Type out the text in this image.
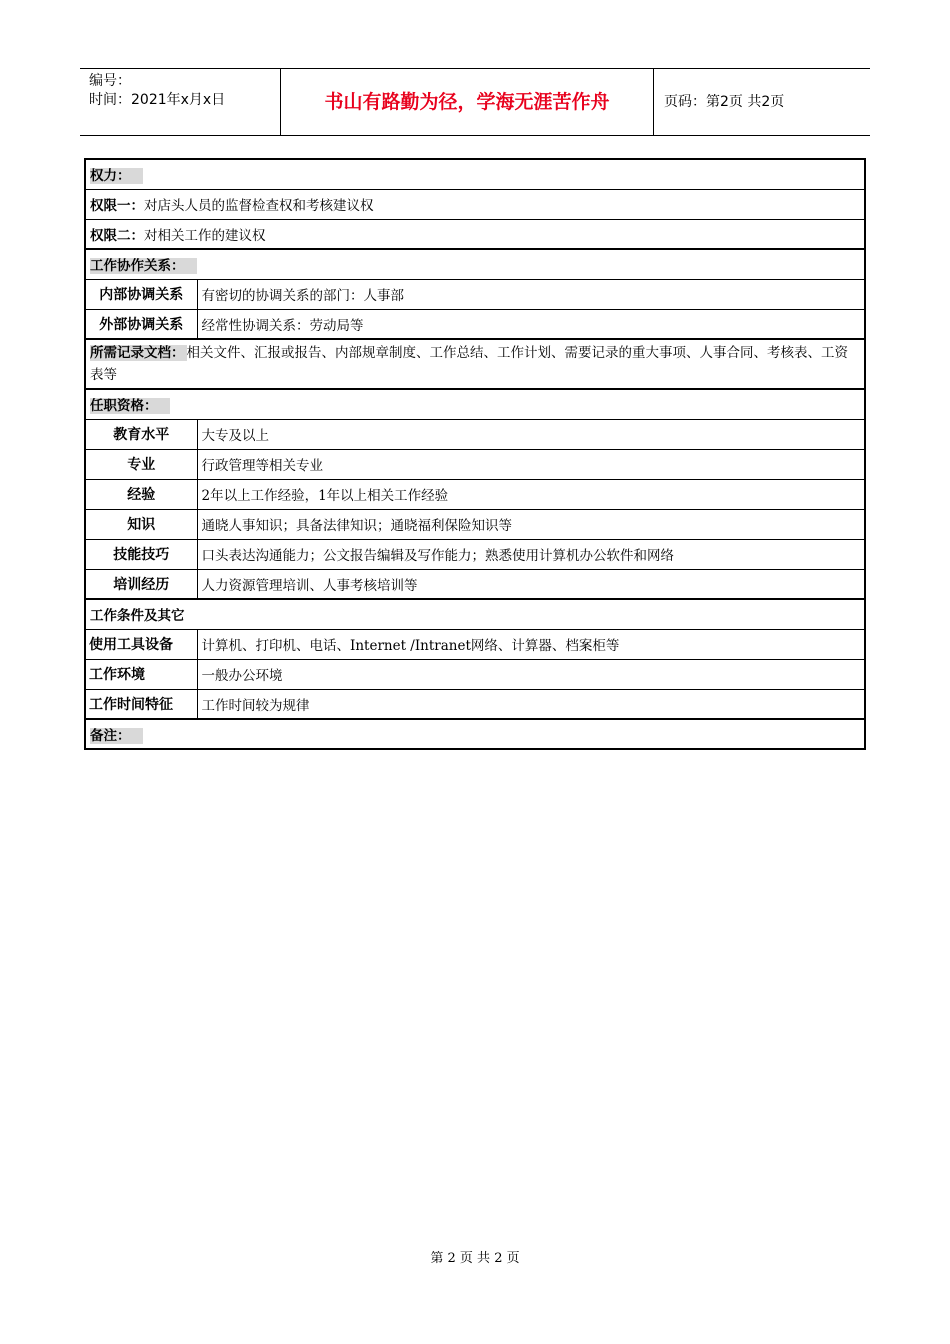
编号：
时间：2021年x月x日	书山有路勤为径，学海无涯苦作舟	页码：第2页 共2页
权力：	
权限一：对店头人员的监督检查权和考核建议权	
权限二：对相关工作的建议权	
工作协作关系：	
内部协调关系	有密切的协调关系的部门：人事部
外部协调关系	经常性协调关系：劳动局等
所需记录文档： 相关文件、汇报或报告、内部规章制度、工作总结、工作计划、需要记录的重大事项、人事合同、考核表、工资表等	
任职资格：	
教育水平	大专及以上
专业	行政管理等相关专业
经验	2年以上工作经验，1年以上相关工作经验
知识	通晓人事知识；具备法律知识；通晓福利保险知识等
技能技巧	口头表达沟通能力；公文报告编辑及写作能力；熟悉使用计算机办公软件和网络
培训经历	人力资源管理培训、人事考核培训等
工作条件及其它	
使用工具设备	计算机、打印机、电话、Internet /Intranet网络、计算器、档案柜等
工作环境	一般办公环境
工作时间特征	工作时间较为规律
备注：	
第 2 页 共 2 页
